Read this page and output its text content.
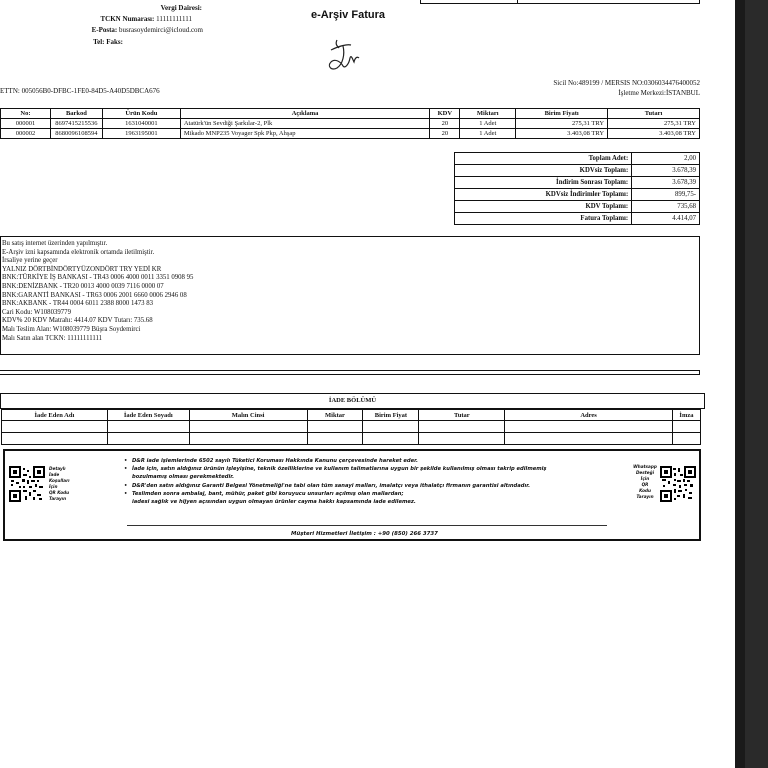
Vergi Dairesi:
TCKN Numarası: 11111111111
E-Posta: busrasoydemirci@icloud.com
Tel: Faks:
e-Arşiv Fatura
Sicil No:489199 / MERSIS NO:0306034476400052
İşletme Merkezi:İSTANBUL
ETTN: 005056B0-DFBC-1FE0-84D5-A40D5DBCA676
No:	Barkod	Ürün Kodu	Açıklama	KDV	Miktarı	Birim Fiyatı	Tutarı
000001	8697415215536	1631040001	Atatürk'ün Sevdiği Şarkılar-2, Plk	20	1 Adet	275,31 TRY	275,31 TRY
000002	8680096108594	1963195001	Mikado MNP235 Voyager Spk Pkp, Ahşap	20	1 Adet	3.403,08 TRY	3.403,08 TRY
Toplam Adet:	2,00
KDVsiz Toplam:	3.678,39
İndirim Sonrası Toplam:	3.678,39
KDVsiz İndirimler Toplamı:	899,75-
KDV Toplamı:	735,68
Fatura Toplamı:	4.414,07
Bu satış internet üzerinden yapılmıştır.
E-Arşiv izni kapsamında elektronik ortamda iletilmiştir.
İrsaliye yerine geçer
YALNIZ DÖRTBİNDÖRTYÜZONDÖRT TRY YEDİ KR
BNK:TÜRKİYE İŞ BANKASI - TR43 0006 4000 0011 3351 0908 95
BNK:DENİZBANK - TR20 0013 4000 0039 7116 0000 07
BNK:GARANTİ BANKASI - TR63 0006 2001 6660 0006 2946 08
BNK:AKBANK - TR44 0004 6011 2388 8000 1473 83
Cari Kodu: W108039779
KDV% 20 KDV Matrahı: 4414.07 KDV Tutarı: 735.68
Malı Teslim Alan: W108039779 Büşra Soydemirci
Malı Satın alan TCKN: 11111111111
İADE BÖLÜMÜ
İade Eden Adı	İade Eden Soyadı	Malın Cinsi	Miktar	Birim Fiyat	Tutar	Adres	İmza

Detaylı
İade
Koşulları
İçin
QR Kodu
Tarayın
• D&R iade işlemlerinde 6502 sayılı Tüketici Koruması Hakkında Kanunu çerçevesinde hareket eder.
• İade için, satın aldığınız ürünün işleyişine, teknik özelliklerine ve kullanım talimatlarına uygun bir şekilde kullanılmış olması takrip edilmemiş
bozulmamış olması gerekmektedir.
• D&R'den satın aldığınız Garanti Belgesi Yönetmeliği'ne tabi olan tüm sanayi malları, imalatçı veya ithalatçı firmanın garantisi altındadır.
• Teslimden sonra ambalaj, bant, mühür, paket gibi koruyucu unsurları açılmış olan mallardan;
iadesi sağlık ve hijyen açısından uygun olmayan ürünler cayma hakkı kapsamında iade edilemez.
Müşteri Hizmetleri İletişim : +90 (850) 266 3737
Whatsapp
Desteği
İçin
QR
Kodu
Tarayın
